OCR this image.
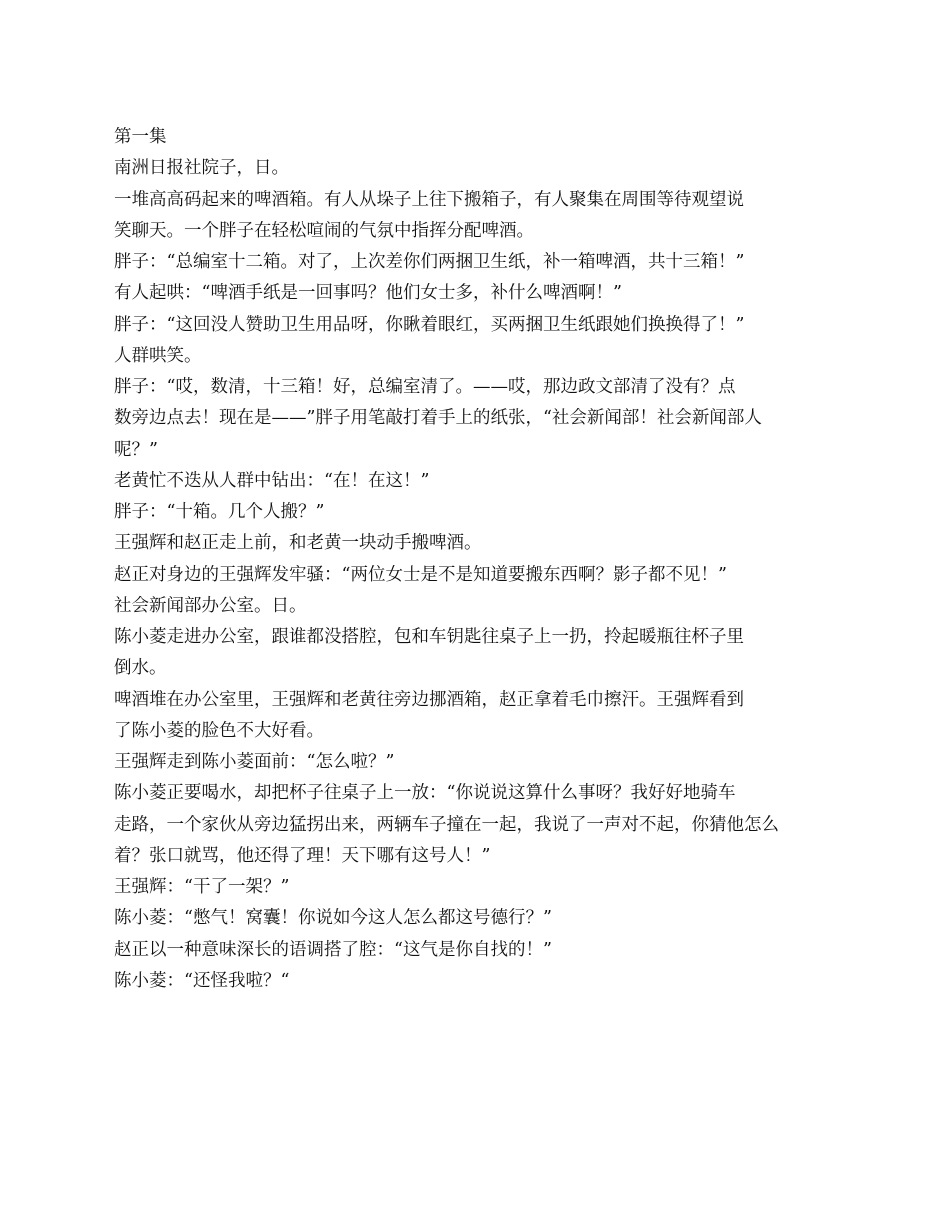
第一集
南洲日报社院子，日。
一堆高高码起来的啤酒箱。有人从垛子上往下搬箱子，有人聚集在周围等待观望说
笑聊天。一个胖子在轻松喧闹的气氛中指挥分配啤酒。
胖子：“总编室十二箱。对了，上次差你们两捆卫生纸，补一箱啤酒，共十三箱！”
有人起哄：“啤酒手纸是一回事吗？他们女士多，补什么啤酒啊！”
胖子：“这回没人赞助卫生用品呀，你瞅着眼红，买两捆卫生纸跟她们换换得了！”
人群哄笑。
胖子：“哎，数清，十三箱！好，总编室清了。——哎，那边政文部清了没有？点
数旁边点去！现在是——”胖子用笔敲打着手上的纸张，“社会新闻部！社会新闻部人
呢？”
老黄忙不迭从人群中钻出：“在！在这！”
胖子：“十箱。几个人搬？”
王强辉和赵正走上前，和老黄一块动手搬啤酒。
赵正对身边的王强辉发牢骚：“两位女士是不是知道要搬东西啊？影子都不见！”
社会新闻部办公室。日。
陈小菱走进办公室，跟谁都没搭腔，包和车钥匙往桌子上一扔，拎起暖瓶往杯子里
倒水。
啤酒堆在办公室里，王强辉和老黄往旁边挪酒箱，赵正拿着毛巾擦汗。王强辉看到
了陈小菱的脸色不大好看。
王强辉走到陈小菱面前：“怎么啦？”
陈小菱正要喝水，却把杯子往桌子上一放：“你说说这算什么事呀？我好好地骑车
走路，一个家伙从旁边猛拐出来，两辆车子撞在一起，我说了一声对不起，你猜他怎么
着？张口就骂，他还得了理！天下哪有这号人！”
王强辉：“干了一架？”
陈小菱：“憋气！窝囊！你说如今这人怎么都这号德行？”
赵正以一种意味深长的语调搭了腔：“这气是你自找的！”
陈小菱：“还怪我啦？“
